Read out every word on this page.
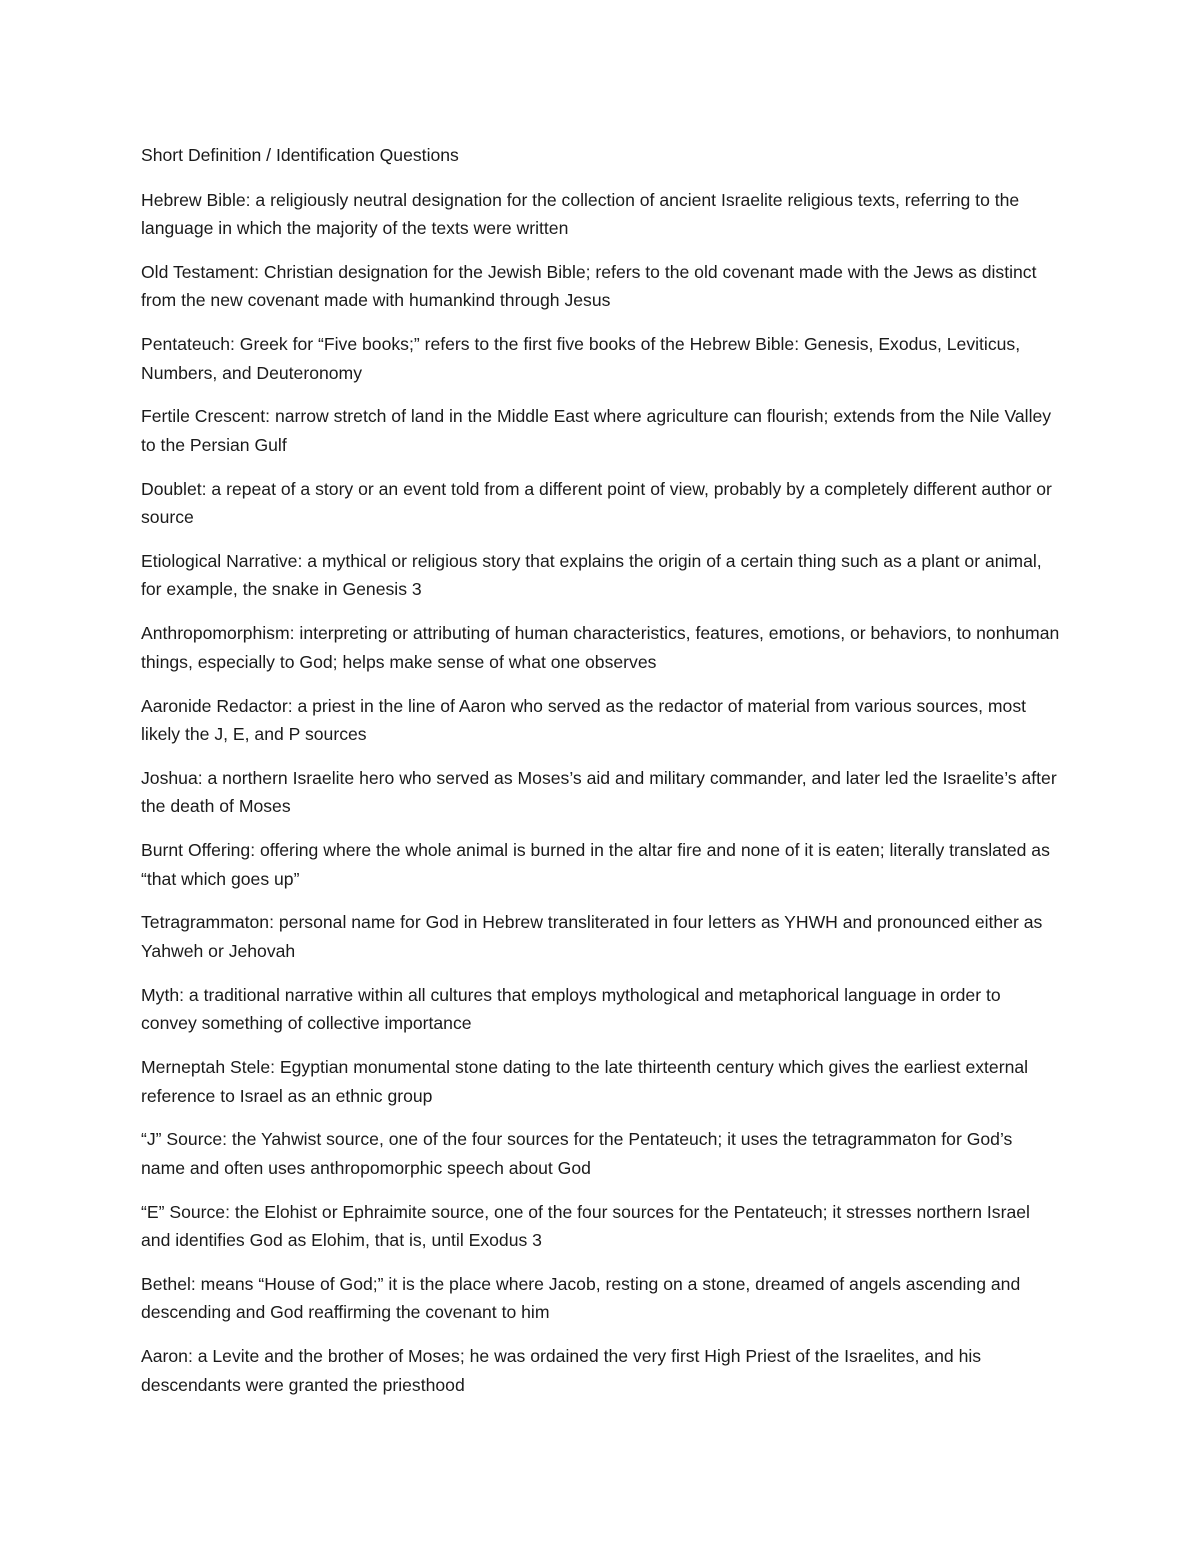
Short Definition / Identification Questions

Hebrew Bible: a religiously neutral designation for the collection of ancient Israelite religious texts, referring to the language in which the majority of the texts were written

Old Testament: Christian designation for the Jewish Bible; refers to the old covenant made with the Jews as distinct from the new covenant made with humankind through Jesus

Pentateuch: Greek for “Five books;” refers to the first five books of the Hebrew Bible: Genesis, Exodus, Leviticus, Numbers, and Deuteronomy

Fertile Crescent: narrow stretch of land in the Middle East where agriculture can flourish; extends from the Nile Valley to the Persian Gulf

Doublet: a repeat of a story or an event told from a different point of view, probably by a completely different author or source

Etiological Narrative: a mythical or religious story that explains the origin of a certain thing such as a plant or animal, for example, the snake in Genesis 3

Anthropomorphism: interpreting or attributing of human characteristics, features, emotions, or behaviors, to nonhuman things, especially to God; helps make sense of what one observes

Aaronide Redactor: a priest in the line of Aaron who served as the redactor of material from various sources, most likely the J, E, and P sources

Joshua: a northern Israelite hero who served as Moses’s aid and military commander, and later led the Israelite’s after the death of Moses

Burnt Offering: offering where the whole animal is burned in the altar fire and none of it is eaten; literally translated as “that which goes up”

Tetragrammaton: personal name for God in Hebrew transliterated in four letters as YHWH and pronounced either as Yahweh or Jehovah

Myth: a traditional narrative within all cultures that employs mythological and metaphorical language in order to convey something of collective importance

Merneptah Stele: Egyptian monumental stone dating to the late thirteenth century which gives the earliest external reference to Israel as an ethnic group

“J” Source: the Yahwist source, one of the four sources for the Pentateuch; it uses the tetragrammaton for God’s name and often uses anthropomorphic speech about God

“E” Source: the Elohist or Ephraimite source, one of the four sources for the Pentateuch; it stresses northern Israel and identifies God as Elohim, that is, until Exodus 3

Bethel: means “House of God;” it is the place where Jacob, resting on a stone, dreamed of angels ascending and descending and God reaffirming the covenant to him

Aaron: a Levite and the brother of Moses; he was ordained the very first High Priest of the Israelites, and his descendants were granted the priesthood
